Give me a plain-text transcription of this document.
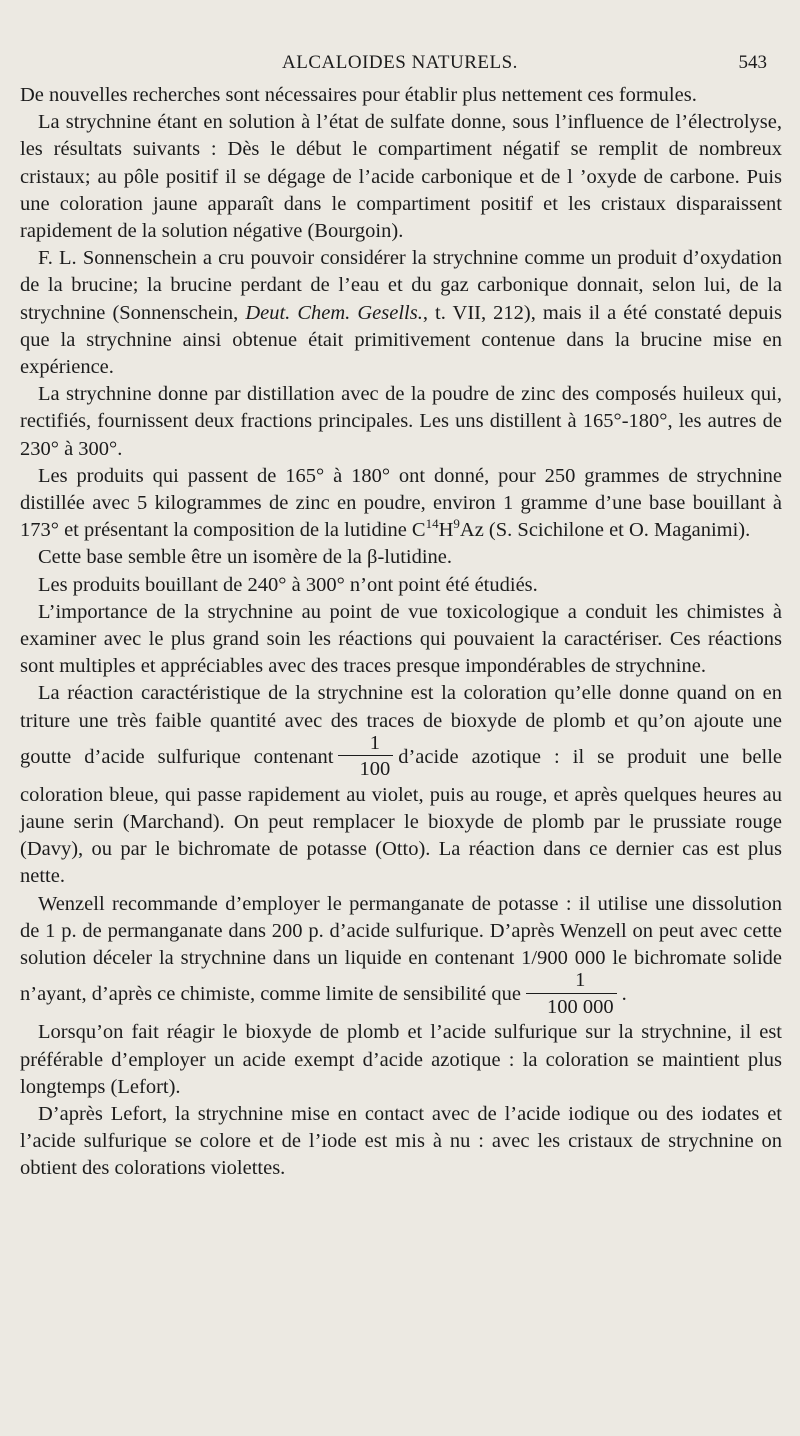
ALCALOIDES NATURELS.	543

De nouvelles recherches sont nécessaires pour établir plus nettement ces formules.

La strychnine étant en solution à l’état de sulfate donne, sous l’influence de l’électrolyse, les résultats suivants : Dès le début le compartiment négatif se remplit de nombreux cristaux; au pôle positif il se dégage de l’acide carbonique et de l ’oxyde de carbone. Puis une coloration jaune apparaît dans le compartiment positif et les cristaux disparaissent rapidement de la solution négative (Bourgoin).

F. L. Sonnenschein a cru pouvoir considérer la strychnine comme un produit d’oxydation de la brucine; la brucine perdant de l’eau et du gaz carbonique donnait, selon lui, de la strychnine (Sonnenschein, Deut. Chem. Gesells., t. VII, 212), mais il a été constaté depuis que la strychnine ainsi obtenue était primitivement contenue dans la brucine mise en expérience.

La strychnine donne par distillation avec de la poudre de zinc des composés huileux qui, rectifiés, fournissent deux fractions principales. Les uns distillent à 165°-180°, les autres de 230° à 300°.

Les produits qui passent de 165° à 180° ont donné, pour 250 grammes de strychnine distillée avec 5 kilogrammes de zinc en poudre, environ 1 gramme d’une base bouillant à 173° et présentant la composition de la lutidine $C^{14}H^9Az$ (S. Scichilone et O. Maganimi).

Cette base semble être un isomère de la β-lutidine.

Les produits bouillant de 240° à 300° n’ont point été étudiés.

L’importance de la strychnine au point de vue toxicologique a conduit les chimistes à examiner avec le plus grand soin les réactions qui pouvaient la caractériser. Ces réactions sont multiples et appréciables avec des traces presque impondérables de strychnine.

La réaction caractéristique de la strychnine est la coloration qu’elle donne quand on en triture une très faible quantité avec des traces de bioxyde de plomb et qu’on ajoute une goutte d’acide sulfurique contenant $\frac{1}{100}$ d’acide azotique : il se produit une belle coloration bleue, qui passe rapidement au violet, puis au rouge, et après quelques heures au jaune serin (Marchand). On peut remplacer le bioxyde de plomb par le prussiate rouge (Davy), ou par le bichromate de potasse (Otto). La réaction dans ce dernier cas est plus nette.

Wenzell recommande d’employer le permanganate de potasse : il utilise une dissolution de 1 p. de permanganate dans 200 p. d’acide sulfurique. D’après Wenzell on peut avec cette solution déceler la strychnine dans un liquide en contenant 1/900 000 le bichromate solide n’ayant, d’après ce chimiste, comme limite de sensibilité que $\frac{1}{100 000}$ .

Lorsqu’on fait réagir le bioxyde de plomb et l’acide sulfurique sur la strychnine, il est préférable d’employer un acide exempt d’acide azotique : la coloration se maintient plus longtemps (Lefort).

D’après Lefort, la strychnine mise en contact avec de l’acide iodique ou des iodates et l’acide sulfurique se colore et de l’iode est mis à nu : avec les cristaux de strychnine on obtient des colorations violettes.
